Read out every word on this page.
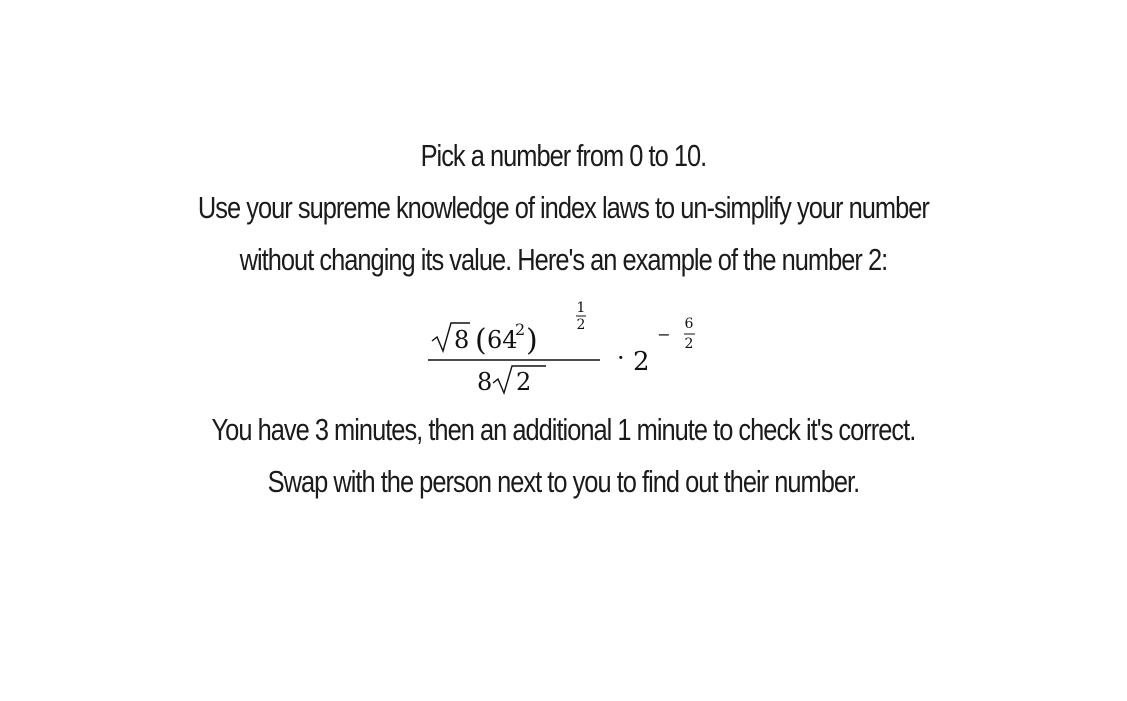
Pick a number from 0 to 10.
Use your supreme knowledge of index laws to un-simplify your number
without changing its value. Here's an example of the number 2:
8 ( 64
2 )
1
2
8 2
· 2
−
6
2
You have 3 minutes, then an additional 1 minute to check it's correct.
Swap with the person next to you to find out their number.
